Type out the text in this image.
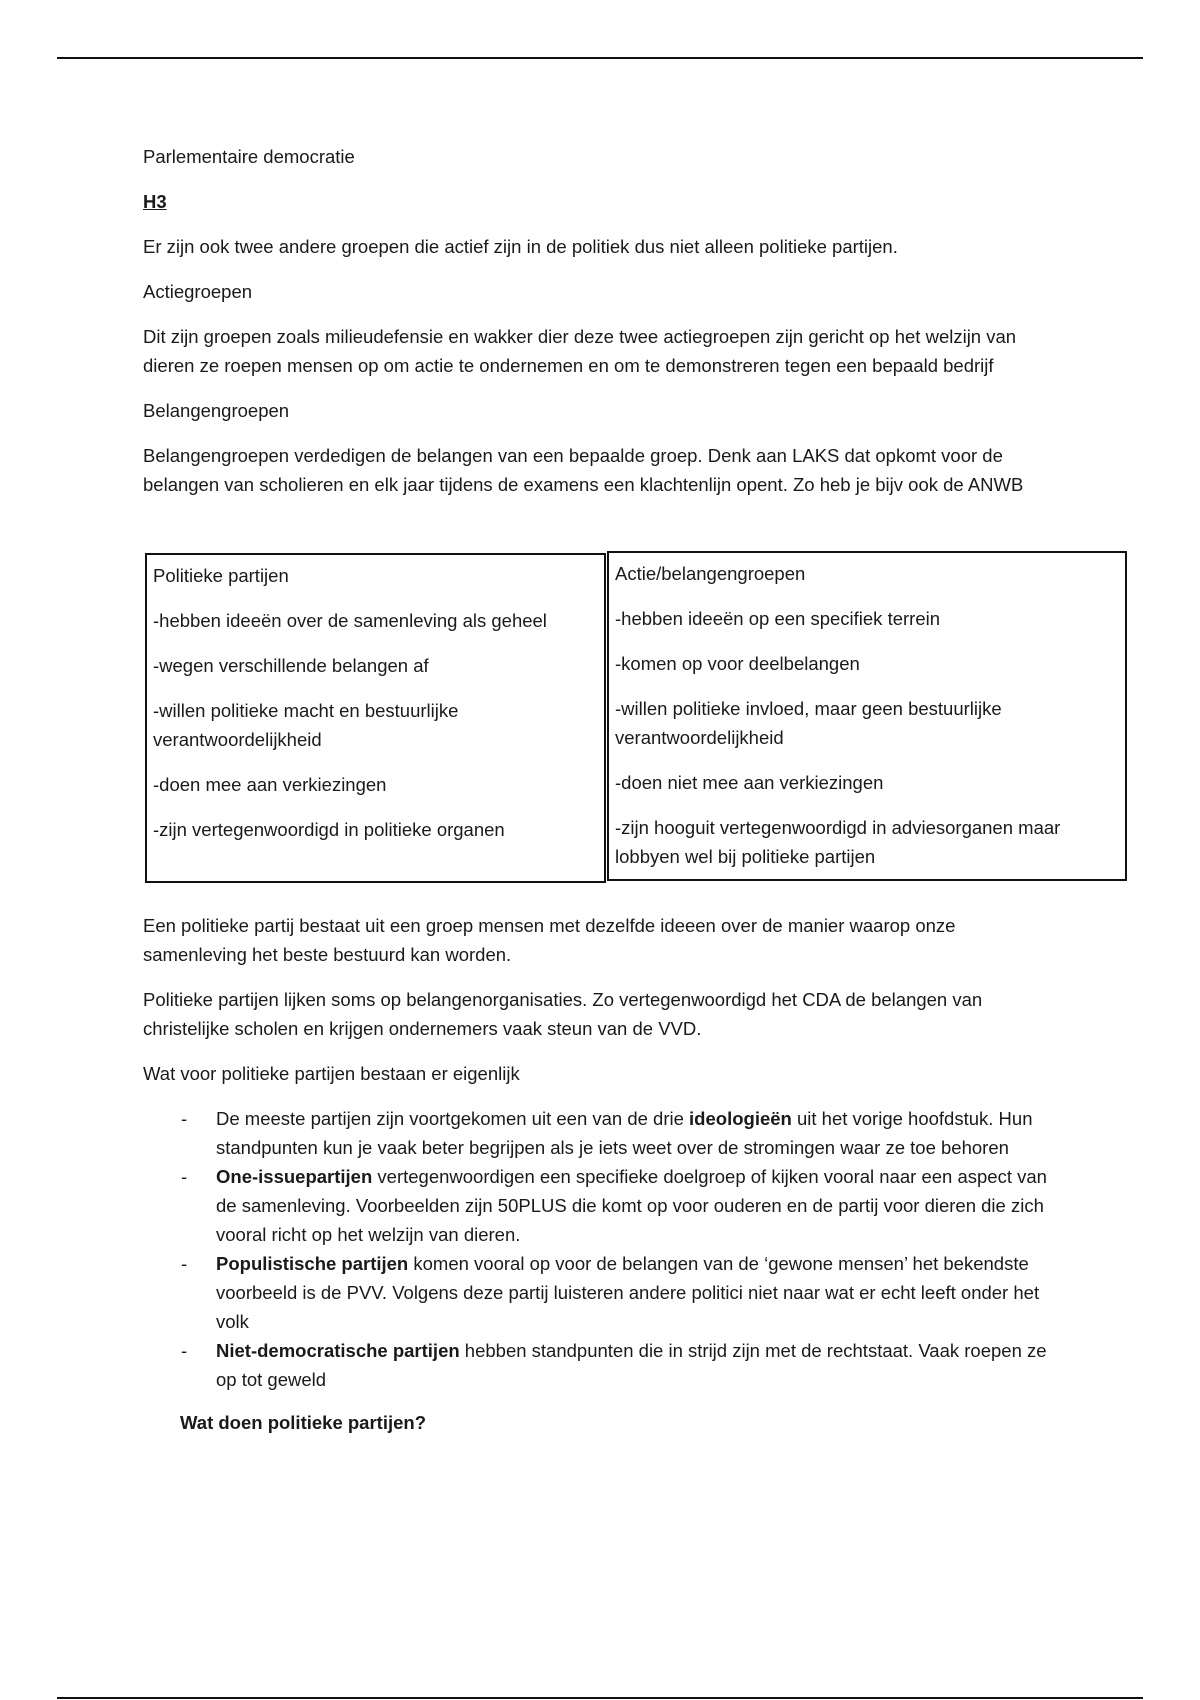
Parlementaire democratie

H3

Er zijn ook twee andere groepen die actief zijn in de politiek dus niet alleen politieke partijen.

Actiegroepen

Dit zijn groepen zoals milieudefensie en wakker dier deze twee actiegroepen zijn gericht op het welzijn van dieren ze roepen mensen op om actie te ondernemen en om te demonstreren tegen een bepaald bedrijf

Belangengroepen

Belangengroepen verdedigen de belangen van een bepaalde groep. Denk aan LAKS dat opkomt voor de belangen van scholieren en elk jaar tijdens de examens een klachtenlijn opent. Zo heb je bijv ook de ANWB

Politieke partijen

-hebben ideeën over de samenleving als geheel

-wegen verschillende belangen af

-willen politieke macht en bestuurlijke verantwoordelijkheid

-doen mee aan verkiezingen

-zijn vertegenwoordigd in politieke organen

Actie/belangengroepen

-hebben ideeën op een specifiek terrein

-komen op voor deelbelangen

-willen politieke invloed, maar geen bestuurlijke verantwoordelijkheid

-doen niet mee aan verkiezingen

-zijn hooguit vertegenwoordigd in adviesorganen maar lobbyen wel bij politieke partijen

Een politieke partij bestaat uit een groep mensen met dezelfde ideeen over de manier waarop onze samenleving het beste bestuurd kan worden.

Politieke partijen lijken soms op belangenorganisaties. Zo vertegenwoordigd het CDA de belangen van christelijke scholen en krijgen ondernemers vaak steun van de VVD.

Wat voor politieke partijen bestaan er eigenlijk

- De meeste partijen zijn voortgekomen uit een van de drie ideologieën uit het vorige hoofdstuk. Hun standpunten kun je vaak beter begrijpen als je iets weet over de stromingen waar ze toe behoren
- One-issuepartijen vertegenwoordigen een specifieke doelgroep of kijken vooral naar een aspect van de samenleving. Voorbeelden zijn 50PLUS die komt op voor ouderen en de partij voor dieren die zich vooral richt op het welzijn van dieren.
- Populistische partijen komen vooral op voor de belangen van de ‘gewone mensen’ het bekendste voorbeeld is de PVV. Volgens deze partij luisteren andere politici niet naar wat er echt leeft onder het volk
- Niet-democratische partijen hebben standpunten die in strijd zijn met de rechtstaat. Vaak roepen ze op tot geweld

Wat doen politieke partijen?
